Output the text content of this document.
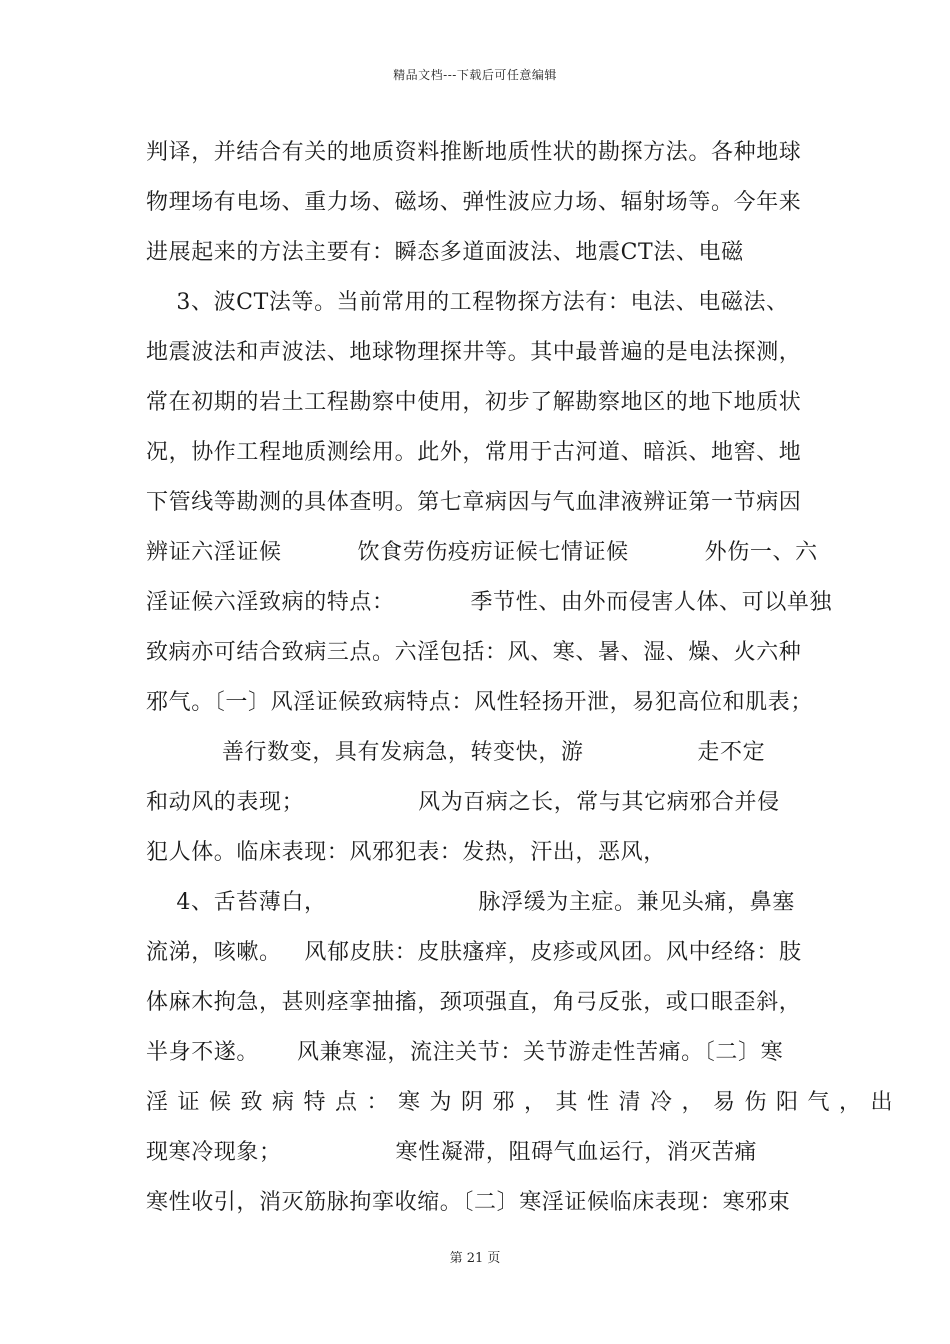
精品文档---下载后可任意编辑
判译，并结合有关的地质资料推断地质性状的勘探方法。各种地球
物理场有电场、重力场、磁场、弹性波应力场、辐射场等。今年来
进展起来的方法主要有：瞬态多道面波法、地震CT法、电磁
3、波CT法等。当前常用的工程物探方法有：电法、电磁法、
地震波法和声波法、地球物理探井等。其中最普遍的是电法探测，
常在初期的岩土工程勘察中使用，初步了解勘察地区的地下地质状
况，协作工程地质测绘用。此外，常用于古河道、暗浜、地窖、地
下管线等勘测的具体查明。第七章病因与气血津液辨证第一节病因
辨证六淫证候          饮食劳伤疫疠证候七情证候          外伤一、六
淫证候六淫致病的特点：          季节性、由外而侵害人体、可以单独
致病亦可结合致病三点。六淫包括：风、寒、暑、湿、燥、火六种
邪气。〔一〕风淫证候致病特点：风性轻扬开泄，易犯高位和肌表；
善行数变，具有发病急，转变快，游               走不定
和动风的表现；               风为百病之长，常与其它病邪合并侵
犯人体。临床表现：风邪犯表：发热，汗出，恶风，
4、舌苔薄白，                    脉浮缓为主症。兼见头痛，鼻塞
流涕，咳嗽。   风郁皮肤：皮肤瘙痒，皮疹或风团。风中经络：肢
体麻木拘急，甚则痉挛抽搐，颈项强直，角弓反张，或口眼歪斜，
半身不遂。     风兼寒湿，流注关节：关节游走性苦痛。〔二〕寒
淫证候致病特点：寒为阴邪，其性清冷，易伤阳气，出
现寒冷现象；               寒性凝滞，阻碍气血运行，消灭苦痛
寒性收引，消灭筋脉拘挛收缩。〔二〕寒淫证候临床表现：寒邪束
第 21 页
